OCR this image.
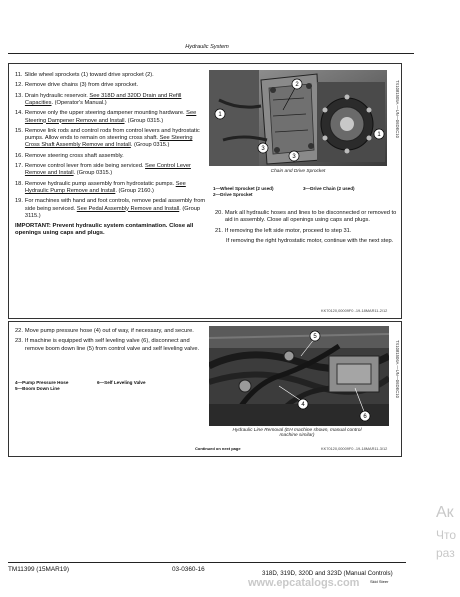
Hydraulic System
11. Slide wheel sprockets (1) toward drive sprocket (2).
12. Remove drive chains (3) from drive sprocket.
13. Drain hydraulic reservoir. See 318D and 320D Drain and Refill Capacities. (Operator's Manual.)
14. Remove only the upper steering dampener mounting hardware. See Steering Dampener Remove and Install. (Group 0315.)
15. Remove link rods and control rods from control levers and hydrostatic pumps. Allow ends to remain on steering cross shaft. See Steering Cross Shaft Assembly Remove and Install. (Group 0315.)
16. Remove steering cross shaft assembly.
17. Remove control lever from side being serviced. See Control Lever Remove and Install. (Group 0315.)
18. Remove hydraulic pump assembly from hydrostatic pumps. See Hydraulic Pump Remove and Install. (Group 2160.)
19. For machines with hand and foot controls, remove pedal assembly from side being serviced. See Pedal Assembly Remove and Install. (Group 3115.)
IMPORTANT: Prevent hydraulic system contamination. Close all openings using caps and plugs.
1
1
2
3
3
TX1081505A —UN—06DEC10
Chain and Drive Sprocket
1—Wheel Sprocket (2 used)	3—Drive Chain (2 used)
2—Drive Sprocket
20. Mark all hydraulic hoses and lines to be disconnected or removed to aid in assembly. Close all openings using caps and plugs.
21. If removing the left side motor, proceed to step 31.
If removing the right hydrostatic motor, continue with the next step.
KK70120,00009F0 -19-18MAR11-2/12
22. Move pump pressure hose (4) out of way, if necessary, and secure.
23. If machine is equipped with self leveling valve (6), disconnect and remove boom down line (5) from control valve and self leveling valve.
4—Pump Pressure Hose	6—Self Leveling Valve
5—Boom Down Line
4
5
6
TX1081506A —UN—06DEC10
Hydraulic Line Removal (EH machine shown, manual control machine similar)
Continued on next page	KK70120,00009F0 -19-18MAR11-3/12
TM11399 (15MAR19)	03-0360-16
318D, 319D, 320D and 323D (Manual Controls)
Skid Steer
www.epcatalogs.com
Ак
Что
раз
